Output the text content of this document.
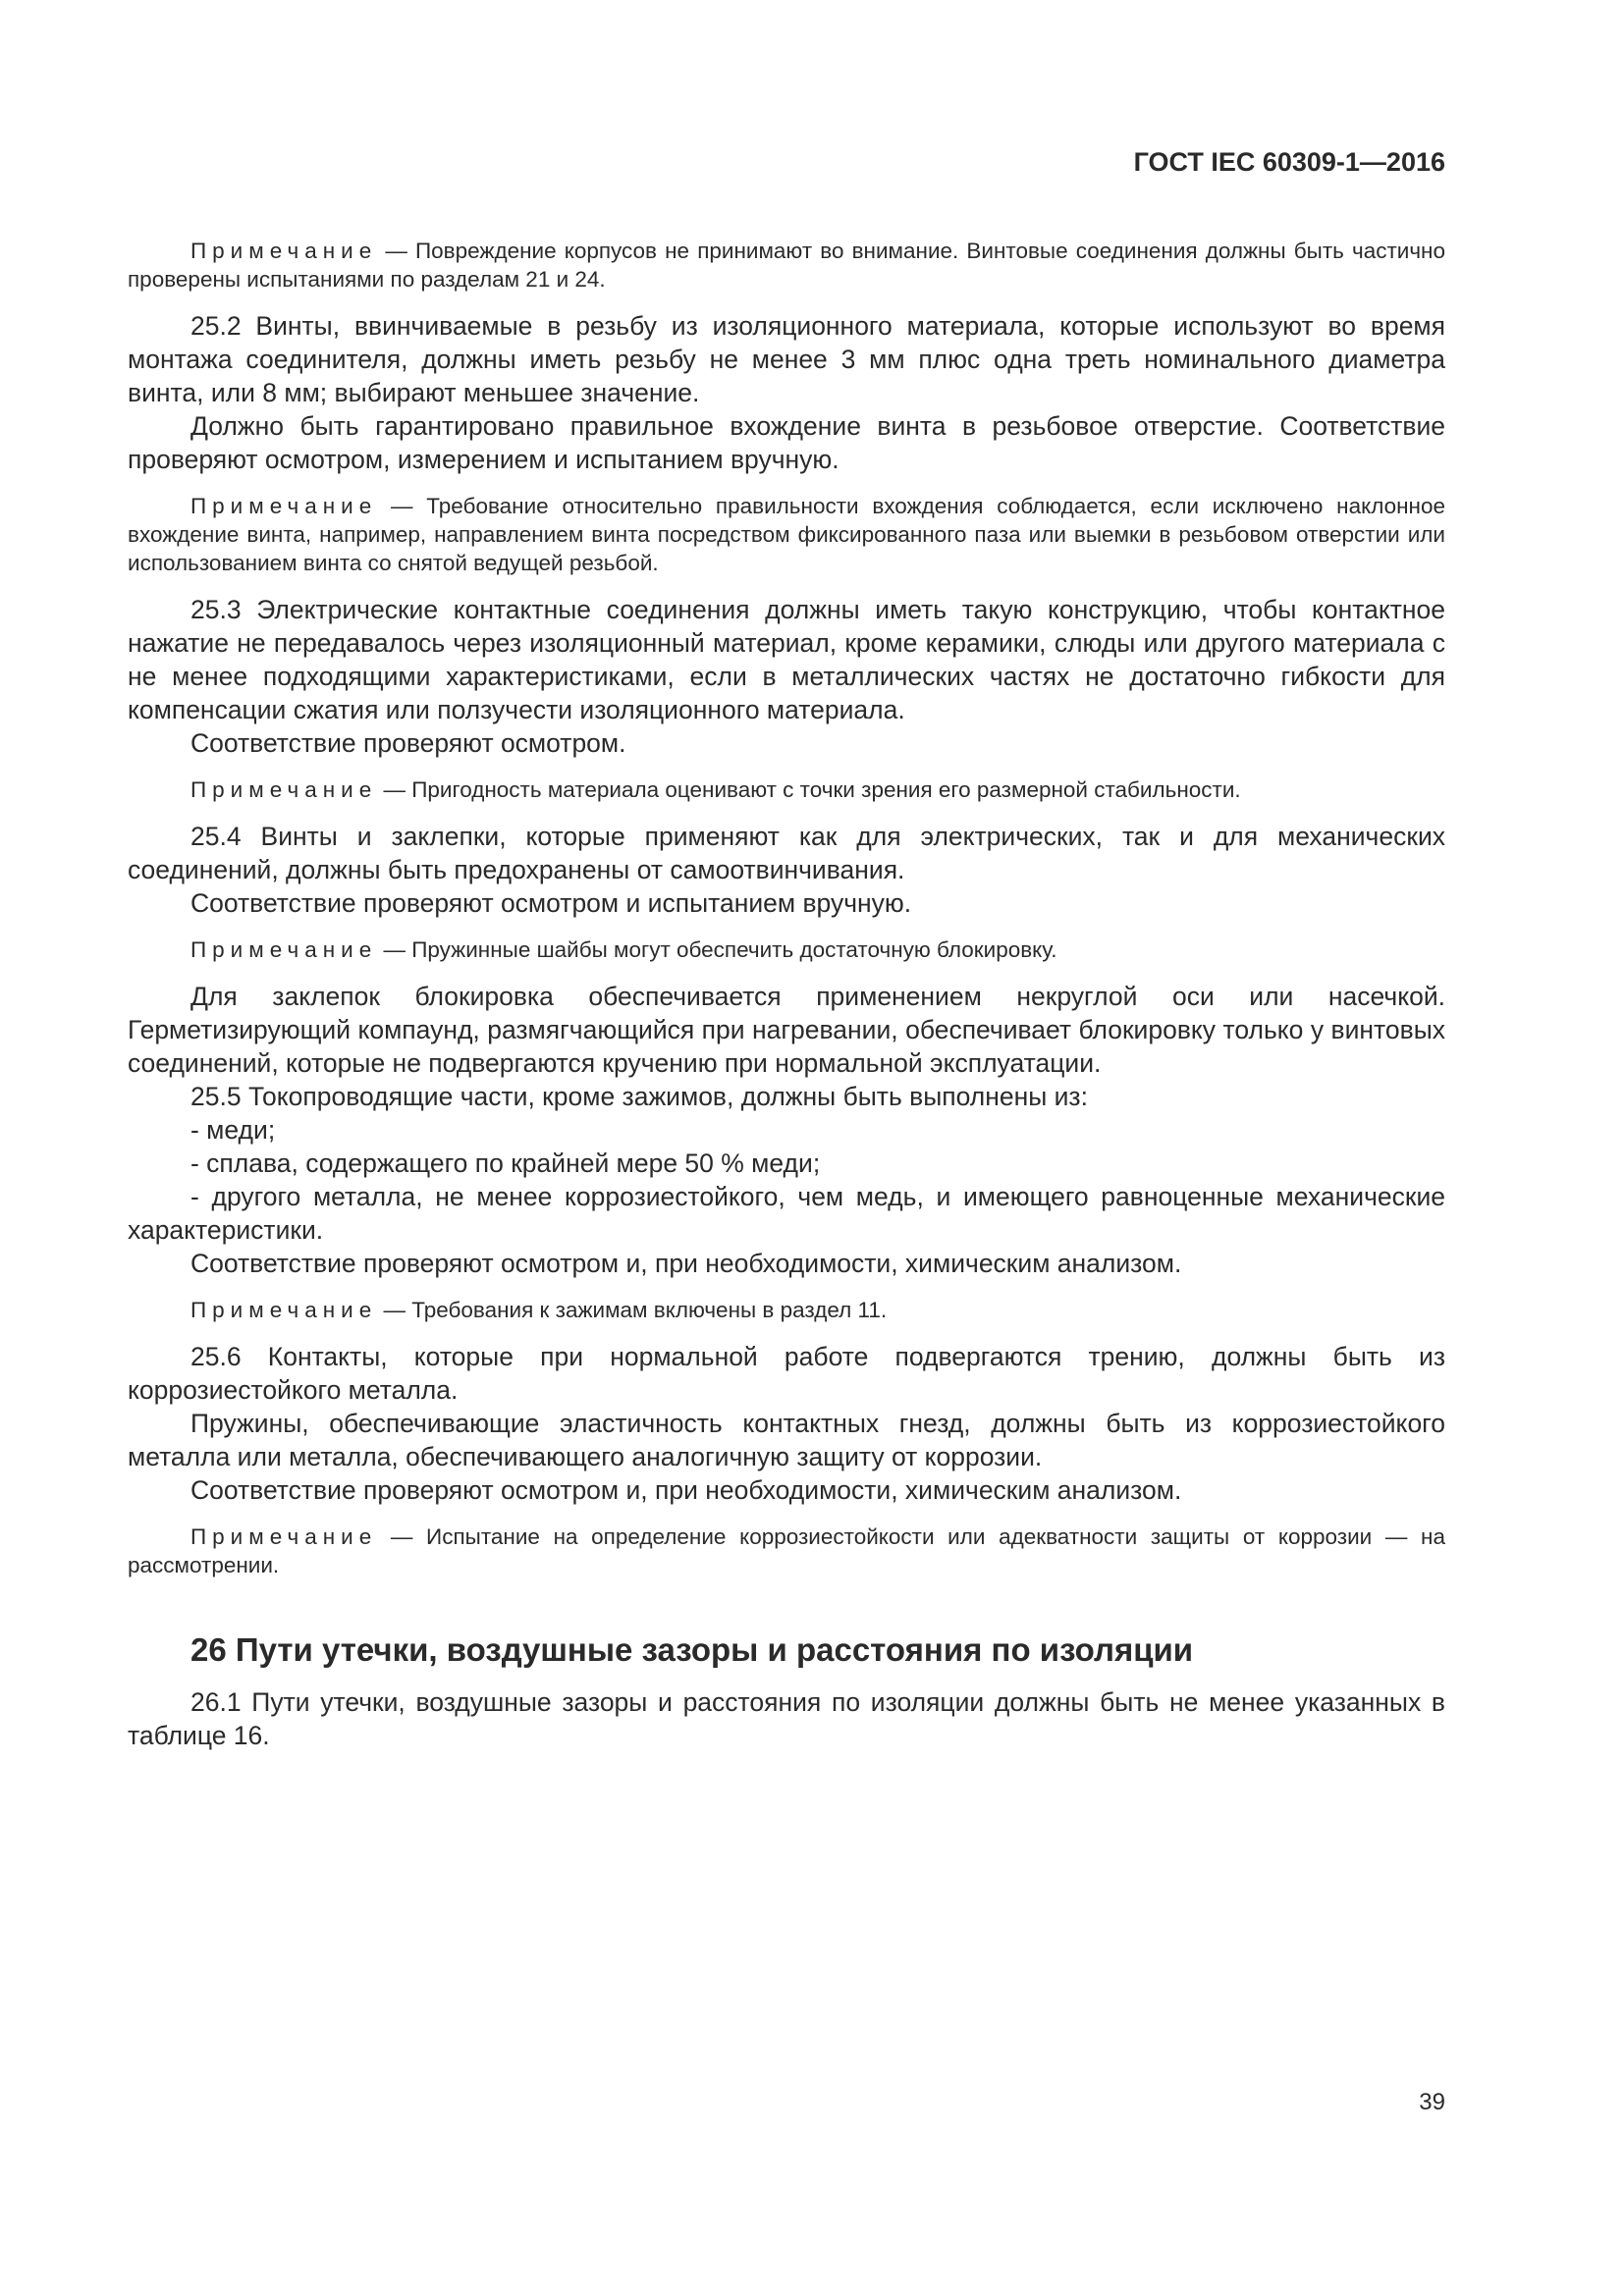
ГОСТ IEC 60309-1—2016

Примечание — Повреждение корпусов не принимают во внимание. Винтовые соединения должны быть частично проверены испытаниями по разделам 21 и 24.

25.2 Винты, ввинчиваемые в резьбу из изоляционного материала, которые используют во время монтажа соединителя, должны иметь резьбу не менее 3 мм плюс одна треть номинального диаметра винта, или 8 мм; выбирают меньшее значение.

Должно быть гарантировано правильное вхождение винта в резьбовое отверстие. Соответствие проверяют осмотром, измерением и испытанием вручную.

Примечание — Требование относительно правильности вхождения соблюдается, если исключено наклонное вхождение винта, например, направлением винта посредством фиксированного паза или выемки в резьбовом отверстии или использованием винта со снятой ведущей резьбой.

25.3 Электрические контактные соединения должны иметь такую конструкцию, чтобы контактное нажатие не передавалось через изоляционный материал, кроме керамики, слюды или другого материала с не менее подходящими характеристиками, если в металлических частях не достаточно гибкости для компенсации сжатия или ползучести изоляционного материала.

Соответствие проверяют осмотром.

Примечание — Пригодность материала оценивают с точки зрения его размерной стабильности.

25.4 Винты и заклепки, которые применяют как для электрических, так и для механических соединений, должны быть предохранены от самоотвинчивания.

Соответствие проверяют осмотром и испытанием вручную.

Примечание — Пружинные шайбы могут обеспечить достаточную блокировку.

Для заклепок блокировка обеспечивается применением некруглой оси или насечкой. Герметизирующий компаунд, размягчающийся при нагревании, обеспечивает блокировку только у винтовых соединений, которые не подвергаются кручению при нормальной эксплуатации.

25.5 Токопроводящие части, кроме зажимов, должны быть выполнены из:

- меди;

- сплава, содержащего по крайней мере 50 % меди;

- другого металла, не менее коррозиестойкого, чем медь, и имеющего равноценные механические характеристики.

Соответствие проверяют осмотром и, при необходимости, химическим анализом.

Примечание — Требования к зажимам включены в раздел 11.

25.6 Контакты, которые при нормальной работе подвергаются трению, должны быть из коррозиестойкого металла.

Пружины, обеспечивающие эластичность контактных гнезд, должны быть из коррозиестойкого металла или металла, обеспечивающего аналогичную защиту от коррозии.

Соответствие проверяют осмотром и, при необходимости, химическим анализом.

Примечание — Испытание на определение коррозиестойкости или адекватности защиты от коррозии — на рассмотрении.

26 Пути утечки, воздушные зазоры и расстояния по изоляции

26.1 Пути утечки, воздушные зазоры и расстояния по изоляции должны быть не менее указанных в таблице 16.

39
